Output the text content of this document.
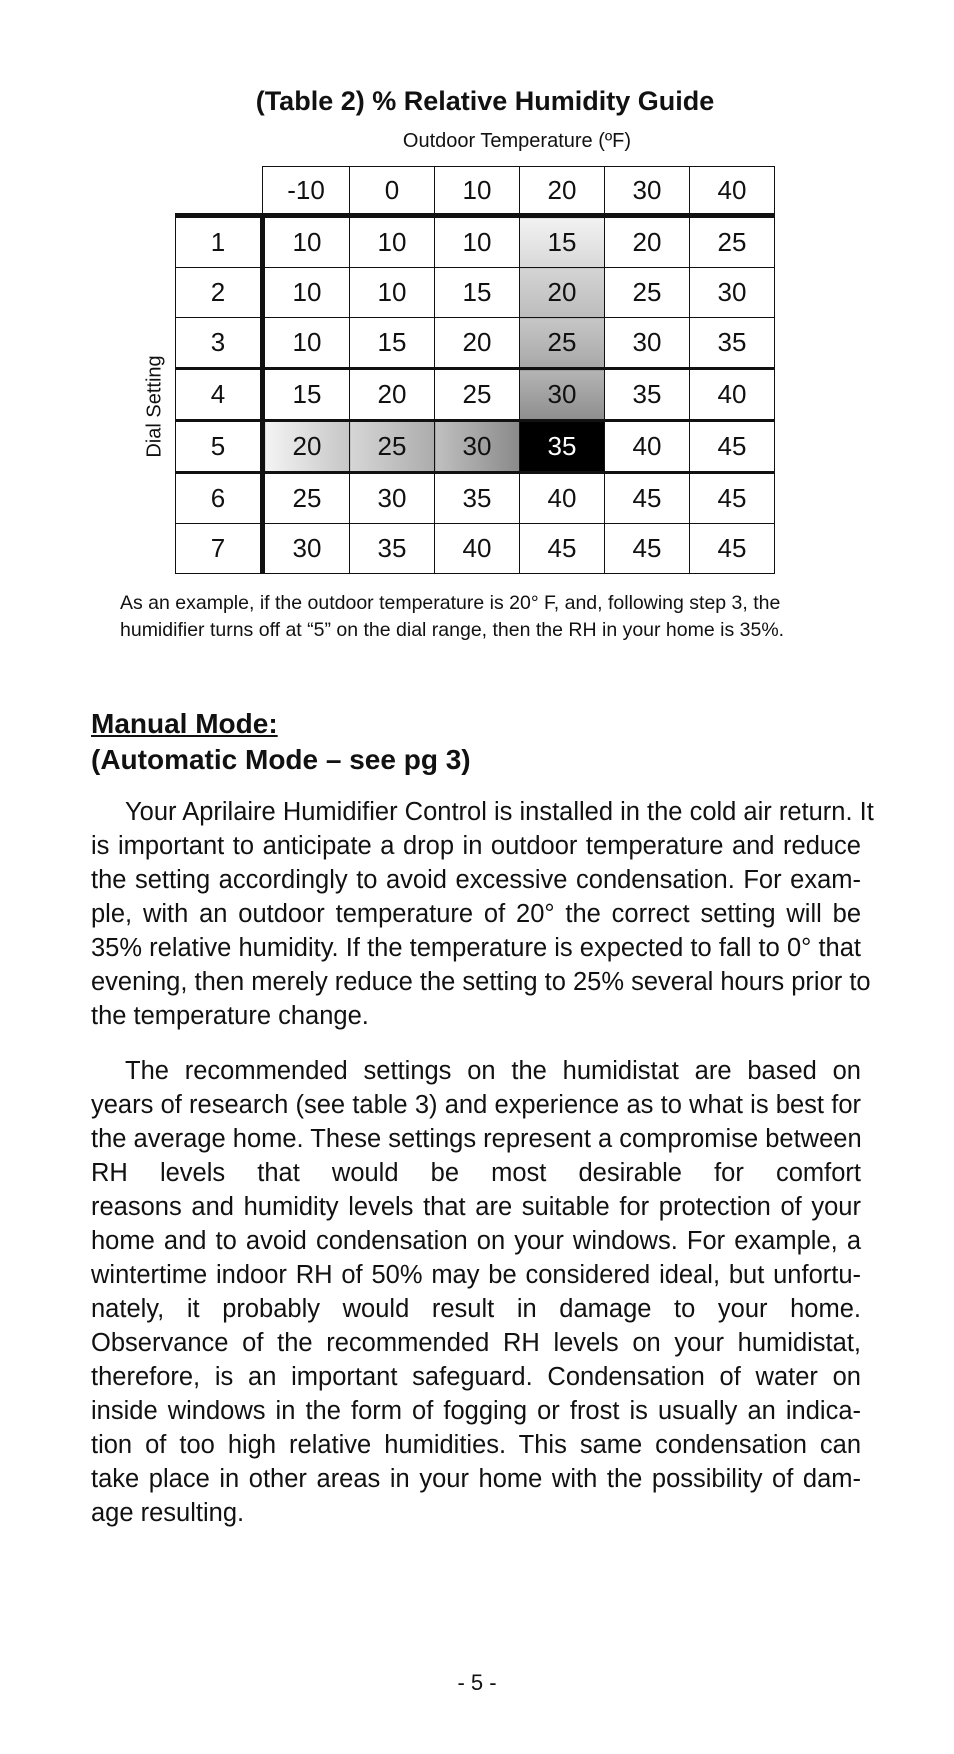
(Table 2) % Relative Humidity Guide
Outdoor Temperature (ºF)
Dial Setting
	-10	0	10	20	30	40
1	10	10	10	15	20	25
2	10	10	15	20	25	30
3	10	15	20	25	30	35
4	15	20	25	30	35	40
5	20	25	30	35	40	45
6	25	30	35	40	45	45
7	30	35	40	45	45	45
As an example, if the outdoor temperature is 20° F, and, following step 3, the
humidifier turns off at “5” on the dial range, then the RH in your home is 35%.
Manual Mode:
(Automatic Mode – see pg 3)
Your Aprilaire Humidifier Control is installed in the cold air return. It
is important to anticipate a drop in outdoor temperature and reduce
the setting accordingly to avoid excessive condensation. For exam-
ple, with an outdoor temperature of 20° the correct setting will be
35% relative humidity. If the temperature is expected to fall to 0° that
evening, then merely reduce the setting to 25% several hours prior to
the temperature change.
The recommended settings on the humidistat are based on
years of research (see table 3) and experience as to what is best for
the average home. These settings represent a compromise between
RH levels that would be most desirable for comfort
reasons and humidity levels that are suitable for protection of your
home and to avoid condensation on your windows. For example, a
wintertime indoor RH of 50% may be considered ideal, but unfortu-
nately, it probably would result in damage to your home.
Observance of the recommended RH levels on your humidistat,
therefore, is an important safeguard. Condensation of water on
inside windows in the form of fogging or frost is usually an indica-
tion of too high relative humidities. This same condensation can
take place in other areas in your home with the possibility of dam-
age resulting.
- 5 -
